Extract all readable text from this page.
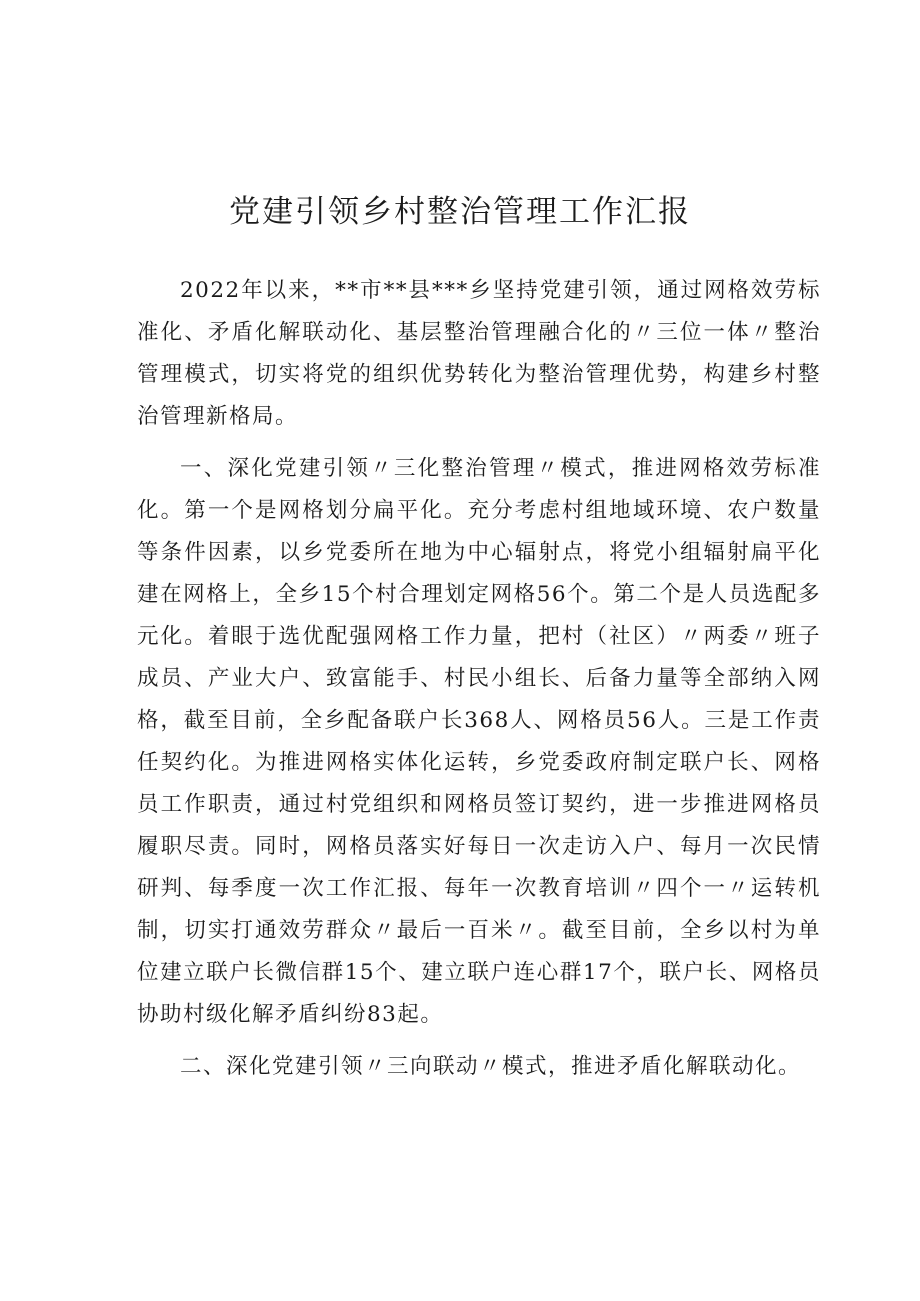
党建引领乡村整治管理工作汇报

2022年以来，**市**县***乡坚持党建引领，通过网格效劳标准化、矛盾化解联动化、基层整治管理融合化的〃三位一体〃整治管理模式，切实将党的组织优势转化为整治管理优势，构建乡村整治管理新格局。

一、深化党建引领〃三化整治管理〃模式，推进网格效劳标准化。第一个是网格划分扁平化。充分考虑村组地域环境、农户数量等条件因素，以乡党委所在地为中心辐射点，将党小组辐射扁平化建在网格上，全乡15个村合理划定网格56个。第二个是人员选配多元化。着眼于选优配强网格工作力量，把村（社区）〃两委〃班子成员、产业大户、致富能手、村民小组长、后备力量等全部纳入网格，截至目前，全乡配备联户长368人、网格员56人。三是工作责任契约化。为推进网格实体化运转，乡党委政府制定联户长、网格员工作职责，通过村党组织和网格员签订契约，进一步推进网格员履职尽责。同时，网格员落实好每日一次走访入户、每月一次民情研判、每季度一次工作汇报、每年一次教育培训〃四个一〃运转机制，切实打通效劳群众〃最后一百米〃。截至目前，全乡以村为单位建立联户长微信群15个、建立联户连心群17个，联户长、网格员协助村级化解矛盾纠纷83起。

二、深化党建引领〃三向联动〃模式，推进矛盾化解联动化。
